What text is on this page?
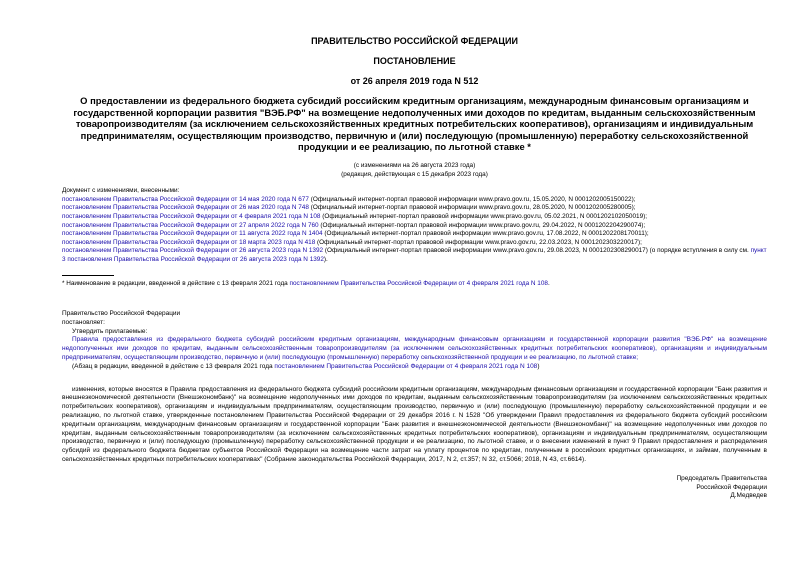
ПРАВИТЕЛЬСТВО РОССИЙСКОЙ ФЕДЕРАЦИИ
ПОСТАНОВЛЕНИЕ
от 26 апреля 2019 года N 512
О предоставлении из федерального бюджета субсидий российским кредитным организациям, международным финансовым организациям и государственной корпорации развития "ВЭБ.РФ" на возмещение недополученных ими доходов по кредитам, выданным сельскохозяйственным товаропроизводителям (за исключением сельскохозяйственных кредитных потребительских кооперативов), организациям и индивидуальным предпринимателям, осуществляющим производство, первичную и (или) последующую (промышленную) переработку сельскохозяйственной продукции и ее реализацию, по льготной ставке *
(с изменениями на 26 августа 2023 года)
(редакция, действующая с 15 декабря 2023 года)
Документ с изменениями, внесенными:
постановлением Правительства Российской Федерации от 14 мая 2020 года N 677 (Официальный интернет-портал правовой информации www.pravo.gov.ru, 15.05.2020, N 0001202005150022);
постановлением Правительства Российской Федерации от 26 мая 2020 года N 748 (Официальный интернет-портал правовой информации www.pravo.gov.ru, 28.05.2020, N 0001202005280005);
постановлением Правительства Российской Федерации от 4 февраля 2021 года N 108 (Официальный интернет-портал правовой информации www.pravo.gov.ru, 05.02.2021, N 0001202102050019);
постановлением Правительства Российской Федерации от 27 апреля 2022 года N 760 (Официальный интернет-портал правовой информации www.pravo.gov.ru, 29.04.2022, N 0001202204290074);
постановлением Правительства Российской Федерации от 11 августа 2022 года N 1404 (Официальный интернет-портал правовой информации www.pravo.gov.ru, 17.08.2022, N 0001202208170011);
постановлением Правительства Российской Федерации от 18 марта 2023 года N 418 (Официальный интернет-портал правовой информации www.pravo.gov.ru, 22.03.2023, N 0001202303220017);
постановлением Правительства Российской Федерации от 26 августа 2023 года N 1392 (Официальный интернет-портал правовой информации www.pravo.gov.ru, 29.08.2023, N 0001202308290017) (о порядке вступления в силу см. пункт 3 постановления Правительства Российской Федерации от 26 августа 2023 года N 1392).
* Наименование в редакции, введенной в действие с 13 февраля 2021 года постановлением Правительства Российской Федерации от 4 февраля 2021 года N 108.
Правительство Российской Федерации
постановляет:
Утвердить прилагаемые:
Правила предоставления из федерального бюджета субсидий российским кредитным организациям, международным финансовым организациям и государственной корпорации развития "ВЭБ.РФ" на возмещение недополученных ими доходов по кредитам, выданным сельскохозяйственным товаропроизводителям (за исключением сельскохозяйственных кредитных потребительских кооперативов), организациям и индивидуальным предпринимателям, осуществляющим производство, первичную и (или) последующую (промышленную) переработку сельскохозяйственной продукции и ее реализацию, по льготной ставке;
(Абзац в редакции, введенной в действие с 13 февраля 2021 года постановлением Правительства Российской Федерации от 4 февраля 2021 года N 108)
изменения, которые вносятся в Правила предоставления из федерального бюджета субсидий российским кредитным организациям, международным финансовым организациям и государственной корпорации "Банк развития и внешнеэкономической деятельности (Внешэкономбанк)" на возмещение недополученных ими доходов по кредитам, выданным сельскохозяйственным товаропроизводителям (за исключением сельскохозяйственных кредитных потребительских кооперативов), организациям и индивидуальным предпринимателям, осуществляющим производство, первичную и (или) последующую (промышленную) переработку сельскохозяйственной продукции и ее реализацию, по льготной ставке, утвержденные постановлением Правительства Российской Федерации от 29 декабря 2016 г. N 1528 "Об утверждении Правил предоставления из федерального бюджета субсидий российским кредитным организациям, международным финансовым организациям и государственной корпорации "Банк развития и внешнеэкономической деятельности (Внешэкономбанк)" на возмещение недополученных ими доходов по кредитам, выданным сельскохозяйственным товаропроизводителям (за исключением сельскохозяйственных кредитных потребительских кооперативов), организациям и индивидуальным предпринимателям, осуществляющим производство, первичную и (или) последующую (промышленную) переработку сельскохозяйственной продукции и ее реализацию, по льготной ставке, и о внесении изменений в пункт 9 Правил предоставления и распределения субсидий из федерального бюджета бюджетам субъектов Российской Федерации на возмещение части затрат на уплату процентов по кредитам, полученным в российских кредитных организациях, и займам, полученным в сельскохозяйственных кредитных потребительских кооперативах" (Собрание законодательства Российской Федерации, 2017, N 2, ст.357; N 32, ст.5066; 2018, N 43, ст.6614).
Председатель Правительства
Российской Федерации
Д.Медведев
